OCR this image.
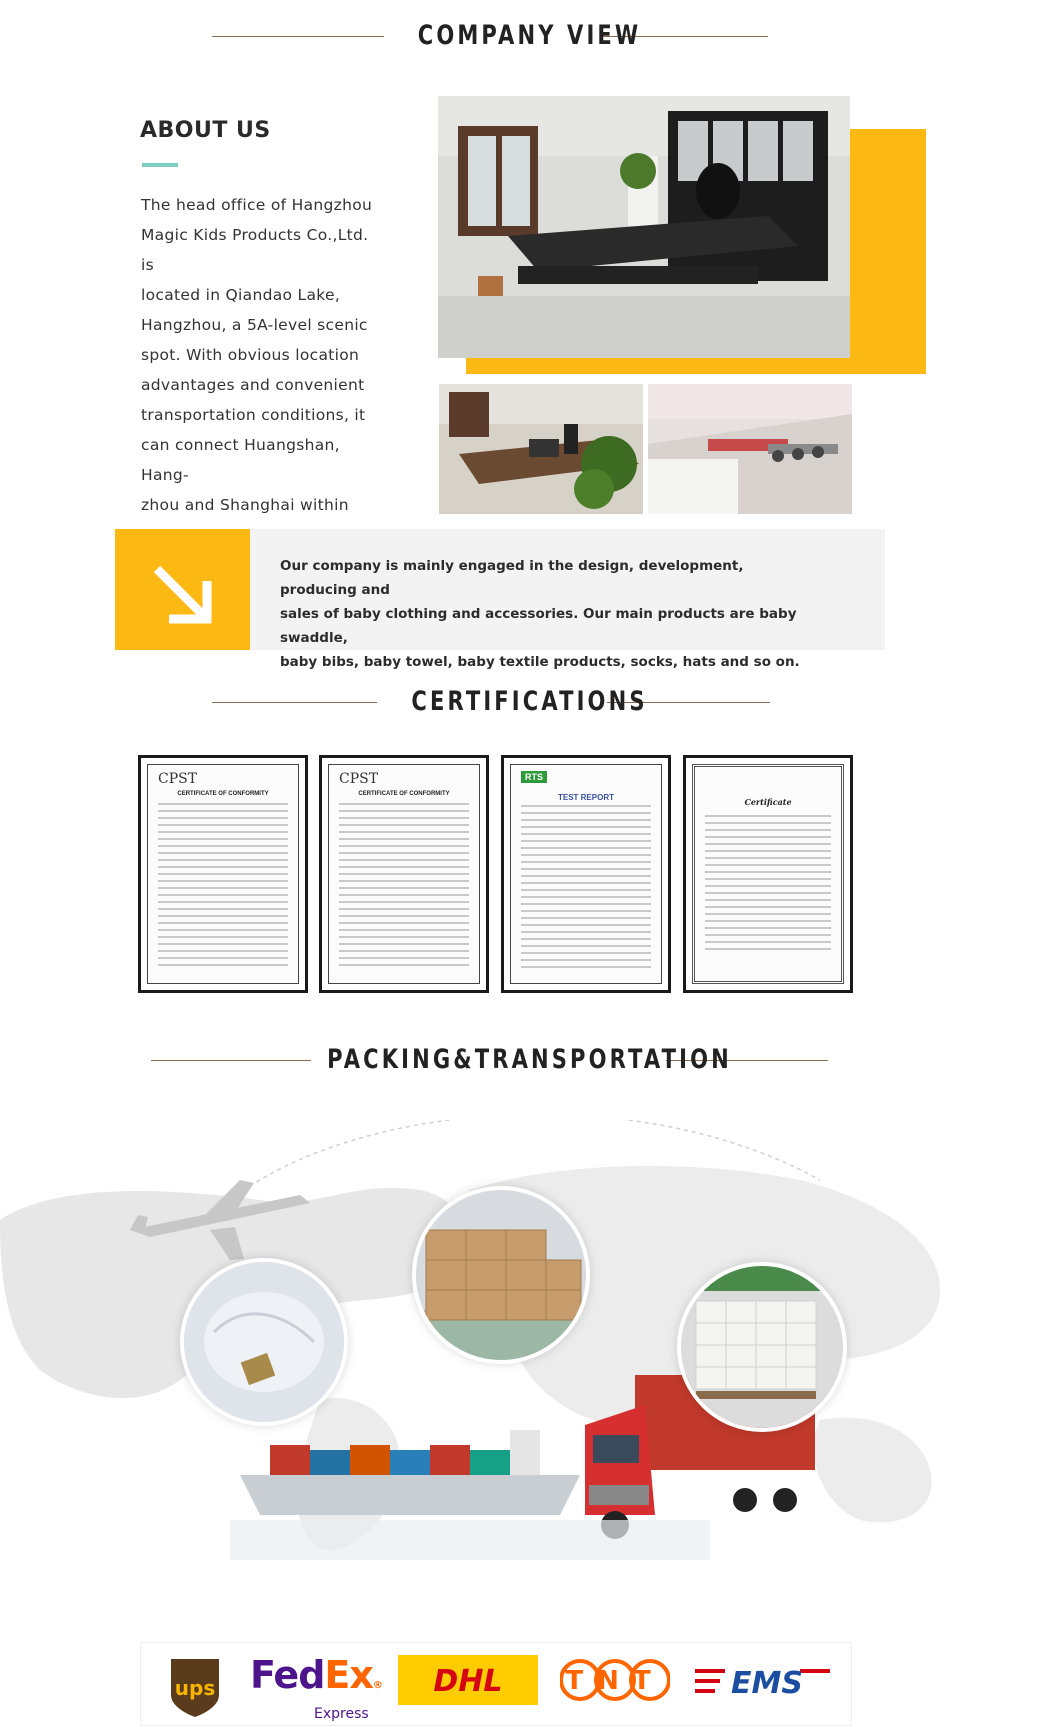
COMPANY VIEW
ABOUT US
The head office of Hangzhou
Magic Kids Products Co.,Ltd. is
located in Qiandao Lake,
Hangzhou, a 5A-level scenic
spot. With obvious location
advantages and convenient
transportation conditions, it
can connect Huangshan, Hang-
zhou and Shanghai within
Our company is mainly engaged in the design, development, producing and
sales of baby clothing and accessories. Our main products are baby swaddle,
baby bibs, baby towel, baby textile products, socks, hats and so on.
CERTIFICATIONS
CPST
CERTIFICATE OF CONFORMITY
CPST
CERTIFICATE OF CONFORMITY
RTS
TEST REPORT	Certificate
PACKING&TRANSPORTATION
ups FedEx®
Express
DHL TNT EMS
